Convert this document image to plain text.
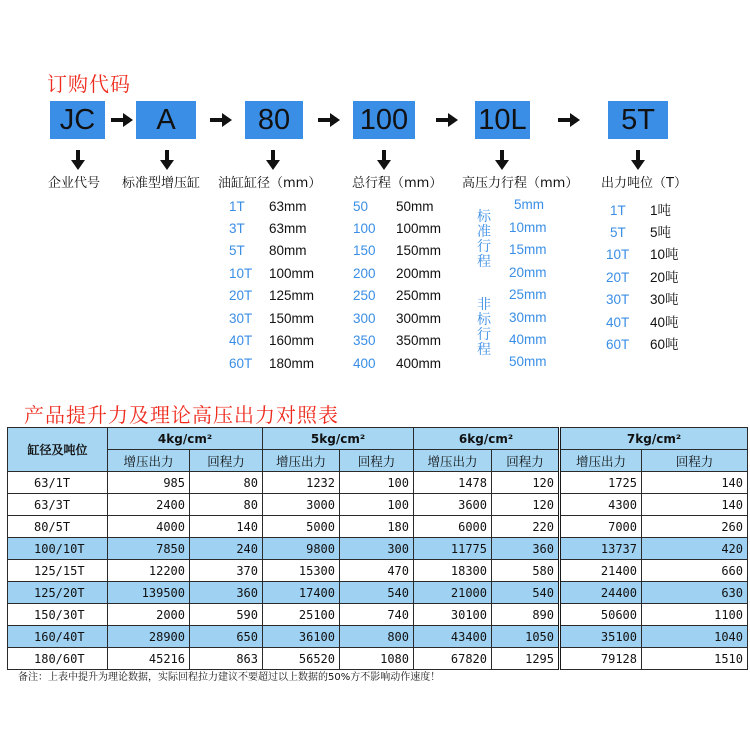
订购代码
JC	A	80	100 10L	5T
企业代号 标准型增压缸 油缸缸径（mm） 总行程（mm） 高压力行程（mm） 出力吨位（T）
1T 63mm
3T 63mm
5T 80mm
10T 100mm
20T 125mm
30T 150mm
40T 160mm
60T 180mm
50 50mm
100 100mm
150 150mm
200 200mm
250 250mm
300 300mm
350 350mm
400 400mm
标
准
行
程
非
标
行
程
5mm
10mm
15mm
20mm
25mm
30mm
40mm
50mm
1T 1吨
5T 5吨
10T 10吨
20T 20吨
30T 30吨
40T 40吨
60T 60吨
产品提升力及理论高压出力对照表
缸径及吨位	4kg/cm²		5kg/cm²		6kg/cm²		7kg/cm²	
	增压出力	回程力	增压出力	回程力	增压出力	回程力	增压出力	回程力
63/1T	985	80	1232	100	1478	120	1725	140
63/3T	2400	80	3000	100	3600	120	4300	140
80/5T	4000	140	5000	180	6000	220	7000	260
100/10T	7850	240	9800	300	11775	360	13737	420
125/15T	12200	370	15300	470	18300	580	21400	660
125/20T	139500	360	17400	540	21000	540	24400	630
150/30T	2000	590	25100	740	30100	890	50600	1100
160/40T	28900	650	36100	800	43400	1050	35100	1040
180/60T	45216	863	56520	1080	67820	1295	79128	1510
备注：上表中提升为理论数据，实际回程拉力建议不要超过以上数据的50%方不影响动作速度！
